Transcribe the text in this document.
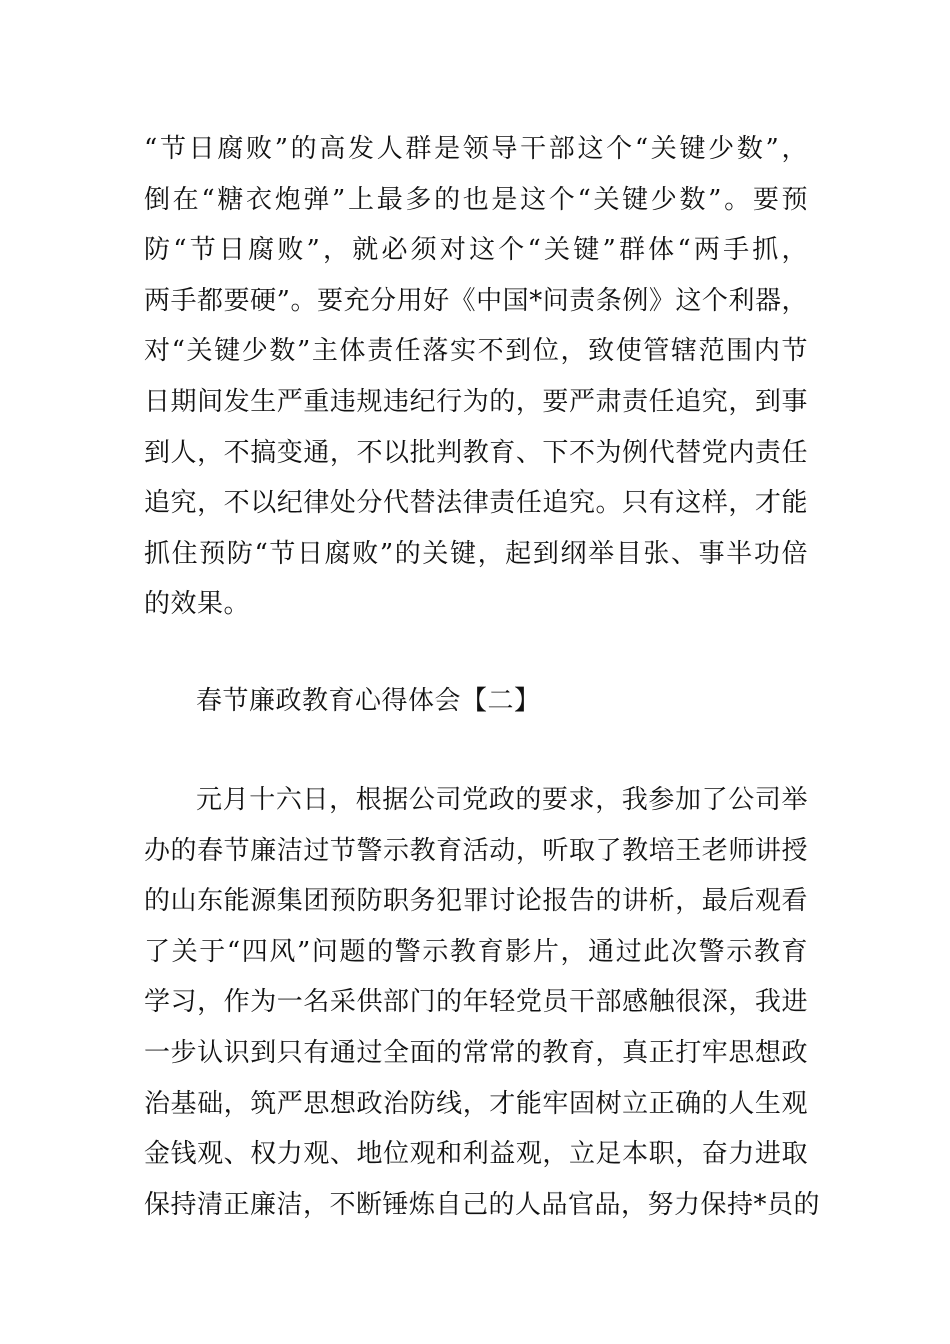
“节日腐败”的高发人群是领导干部这个“关键少数”，
倒在“糖衣炮弹”上最多的也是这个“关键少数”。要预
防“节日腐败”，就必须对这个“关键”群体“两手抓，
两手都要硬”。要充分用好《中国*问责条例》这个利器，
对“关键少数”主体责任落实不到位，致使管辖范围内节
日期间发生严重违规违纪行为的，要严肃责任追究，到事
到人，不搞变通，不以批判教育、下不为例代替党内责任
追究，不以纪律处分代替法律责任追究。只有这样，才能
抓住预防“节日腐败”的关键，起到纲举目张、事半功倍
的效果。
春节廉政教育心得体会【二】
元月十六日，根据公司党政的要求，我参加了公司举
办的春节廉洁过节警示教育活动，听取了教培王老师讲授
的山东能源集团预防职务犯罪讨论报告的讲析，最后观看
了关于“四风”问题的警示教育影片，通过此次警示教育
学习，作为一名采供部门的年轻党员干部感触很深，我进
一步认识到只有通过全面的常常的教育，真正打牢思想政
治基础，筑严思想政治防线，才能牢固树立正确的人生观
金钱观、权力观、地位观和利益观，立足本职，奋力进取
保持清正廉洁，不断锤炼自己的人品官品，努力保持*员的
